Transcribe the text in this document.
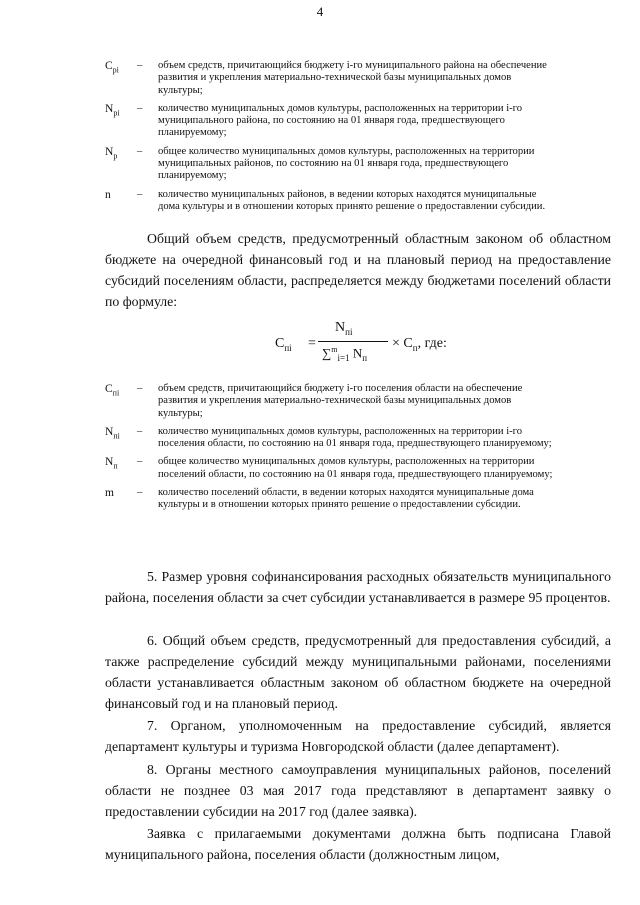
4
$C_{pi}$	–	объем средств, причитающийся бюджету i-го муниципального района на обеспечение развития и укрепления материально-технической базы муниципальных домов культуры;
$N_{pi}$	–	количество муниципальных домов культуры, расположенных на территории i-го муниципального района, по состоянию на 01 января года, предшествующего планируемому;
$N_p$	–	общее количество муниципальных домов культуры, расположенных на территории муниципальных районов, по состоянию на 01 января года, предшествующего планируемому;
n	–	количество муниципальных районов, в ведении которых находятся муниципальные дома культуры и в отношении которых принято решение о предоставлении субсидии.

Общий объем средств, предусмотренный областным законом об областном бюджете на очередной финансовый год и на плановый период на предоставление субсидий поселениям области, распределяется между бюджетами поселений области по формуле:

$C_{пi}$ =
$N_{пi}$
∑$^m_{i=1}$ $N_п$
× $C_п$, где:
$C_{пi}$	–	объем средств, причитающийся бюджету i-го поселения области на обеспечение развития и укрепления материально-технической базы муниципальных домов культуры;
$N_{пi}$	–	количество муниципальных домов культуры, расположенных на территории i-го поселения области, по состоянию на 01 января года, предшествующего планируемому;
$N_п$	–	общее количество муниципальных домов культуры, расположенных на территории поселений области, по состоянию на 01 января года, предшествующего планируемому;
m	–	количество поселений области, в ведении которых находятся муниципальные дома культуры и в отношении которых принято решение о предоставлении субсидии.

5. Размер уровня софинансирования расходных обязательств муниципального района, поселения области за счет субсидии устанавливается в размере 95 процентов.

6. Общий объем средств, предусмотренный для предоставления субсидий, а также распределение субсидий между муниципальными районами, поселениями области устанавливается областным законом об областном бюджете на очередной финансовый год и на плановый период.

7. Органом, уполномоченным на предоставление субсидий, является департамент культуры и туризма Новгородской области (далее департамент).

8. Органы местного самоуправления муниципальных районов, поселений области не позднее 03 мая 2017 года представляют в департамент заявку о предоставлении субсидии на 2017 год (далее заявка).

Заявка с прилагаемыми документами должна быть подписана Главой муниципального района, поселения области (должностным лицом,
